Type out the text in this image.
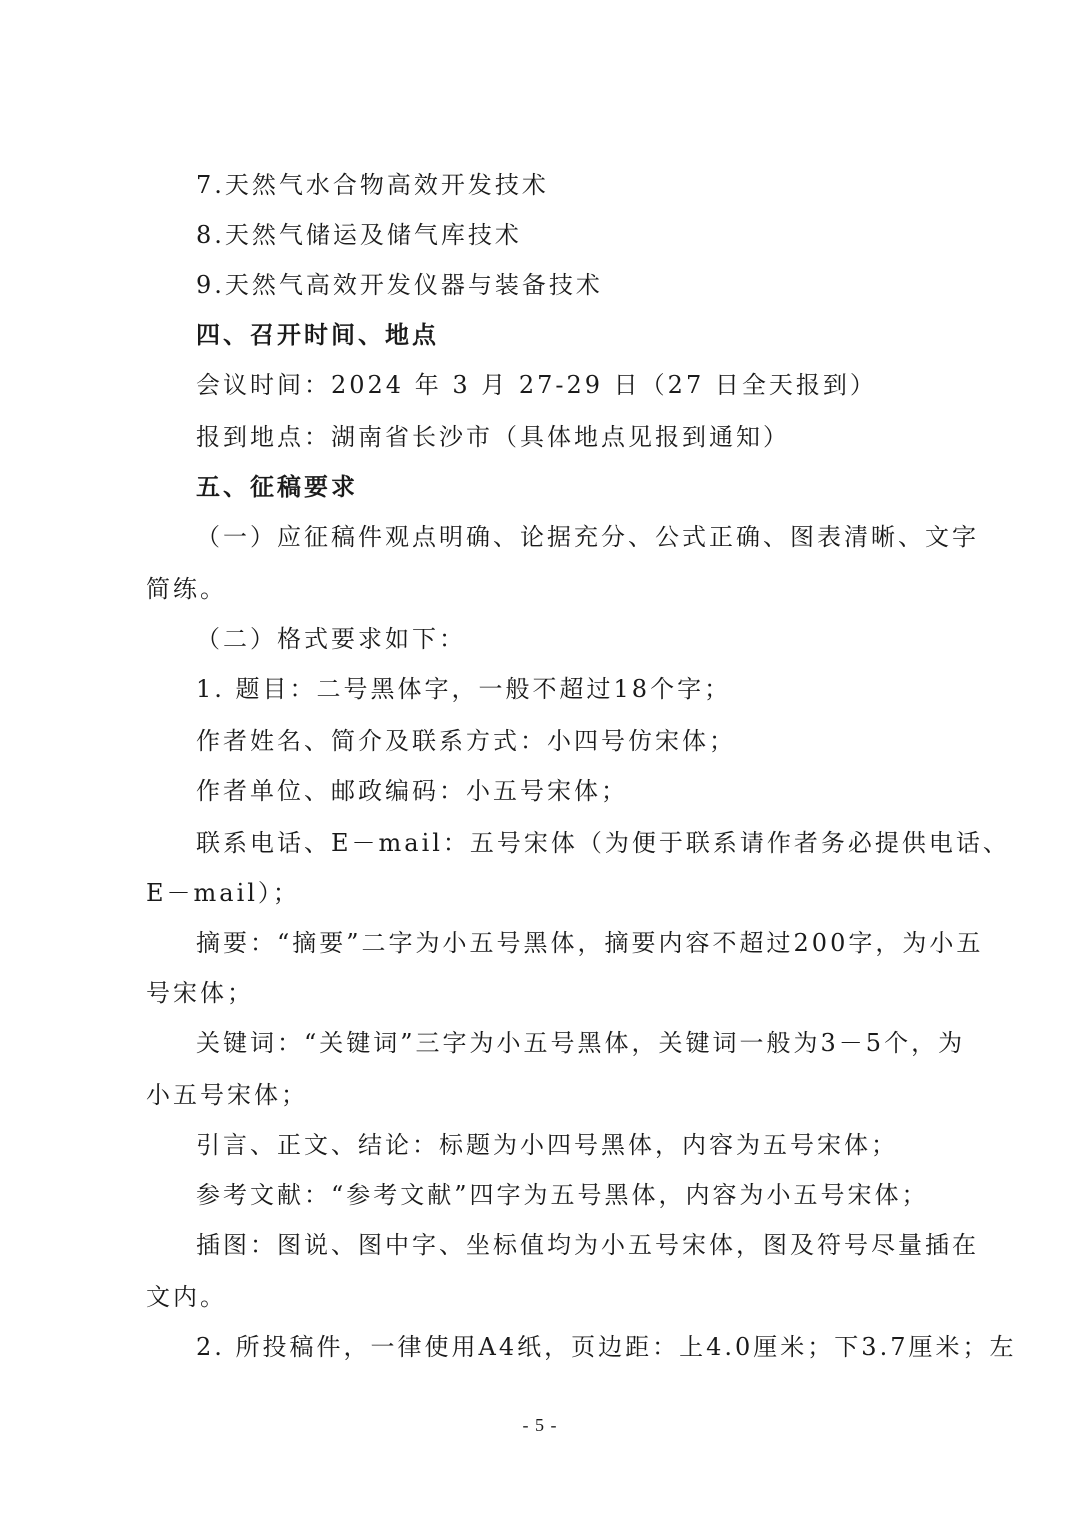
7.天然气水合物高效开发技术
8.天然气储运及储气库技术
9.天然气高效开发仪器与装备技术
四、召开时间、地点
会议时间：2024 年 3 月 27-29 日（27 日全天报到）
报到地点：湖南省长沙市（具体地点见报到通知）
五、征稿要求
（一）应征稿件观点明确、论据充分、公式正确、图表清晰、文字
简练。
（二）格式要求如下：
1. 题目：二号黑体字，一般不超过18个字；
作者姓名、简介及联系方式：小四号仿宋体；
作者单位、邮政编码：小五号宋体；
联系电话、E－mail：五号宋体（为便于联系请作者务必提供电话、
E－mail）；
摘要：“摘要”二字为小五号黑体，摘要内容不超过200字，为小五
号宋体；
关键词：“关键词”三字为小五号黑体，关键词一般为3－5个，为
小五号宋体；
引言、正文、结论：标题为小四号黑体，内容为五号宋体；
参考文献：“参考文献”四字为五号黑体，内容为小五号宋体；
插图：图说、图中字、坐标值均为小五号宋体，图及符号尽量插在
文内。
2. 所投稿件，一律使用A4纸，页边距：上4.0厘米；下3.7厘米；左
- 5 -
